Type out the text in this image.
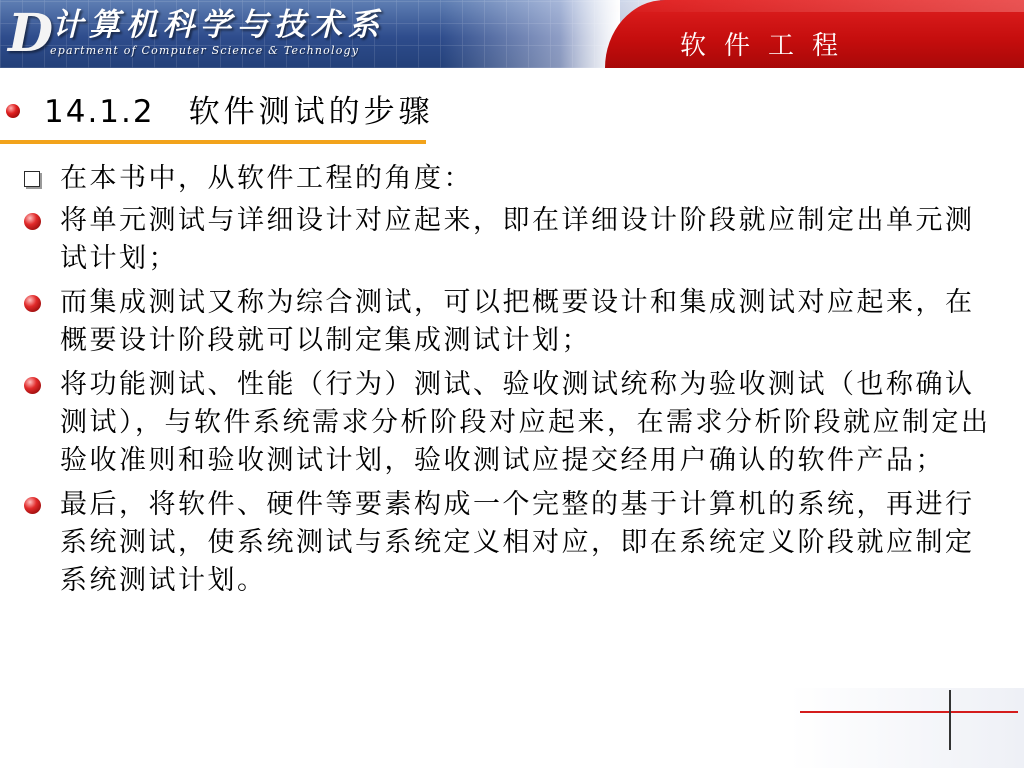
D
计算机科学与技术系
epartment of Computer Science & Technology	软件工程
14.1.2 软件测试的步骤
在本书中，从软件工程的角度：
将单元测试与详细设计对应起来，即在详细设计阶段就应制定出单元测试计划；
而集成测试又称为综合测试，可以把概要设计和集成测试对应起来，在概要设计阶段就可以制定集成测试计划；
将功能测试、性能（行为）测试、验收测试统称为验收测试（也称确认测试），与软件系统需求分析阶段对应起来，在需求分析阶段就应制定出验收准则和验收测试计划，验收测试应提交经用户确认的软件产品；
最后，将软件、硬件等要素构成一个完整的基于计算机的系统，再进行系统测试，使系统测试与系统定义相对应，即在系统定义阶段就应制定系统测试计划。
